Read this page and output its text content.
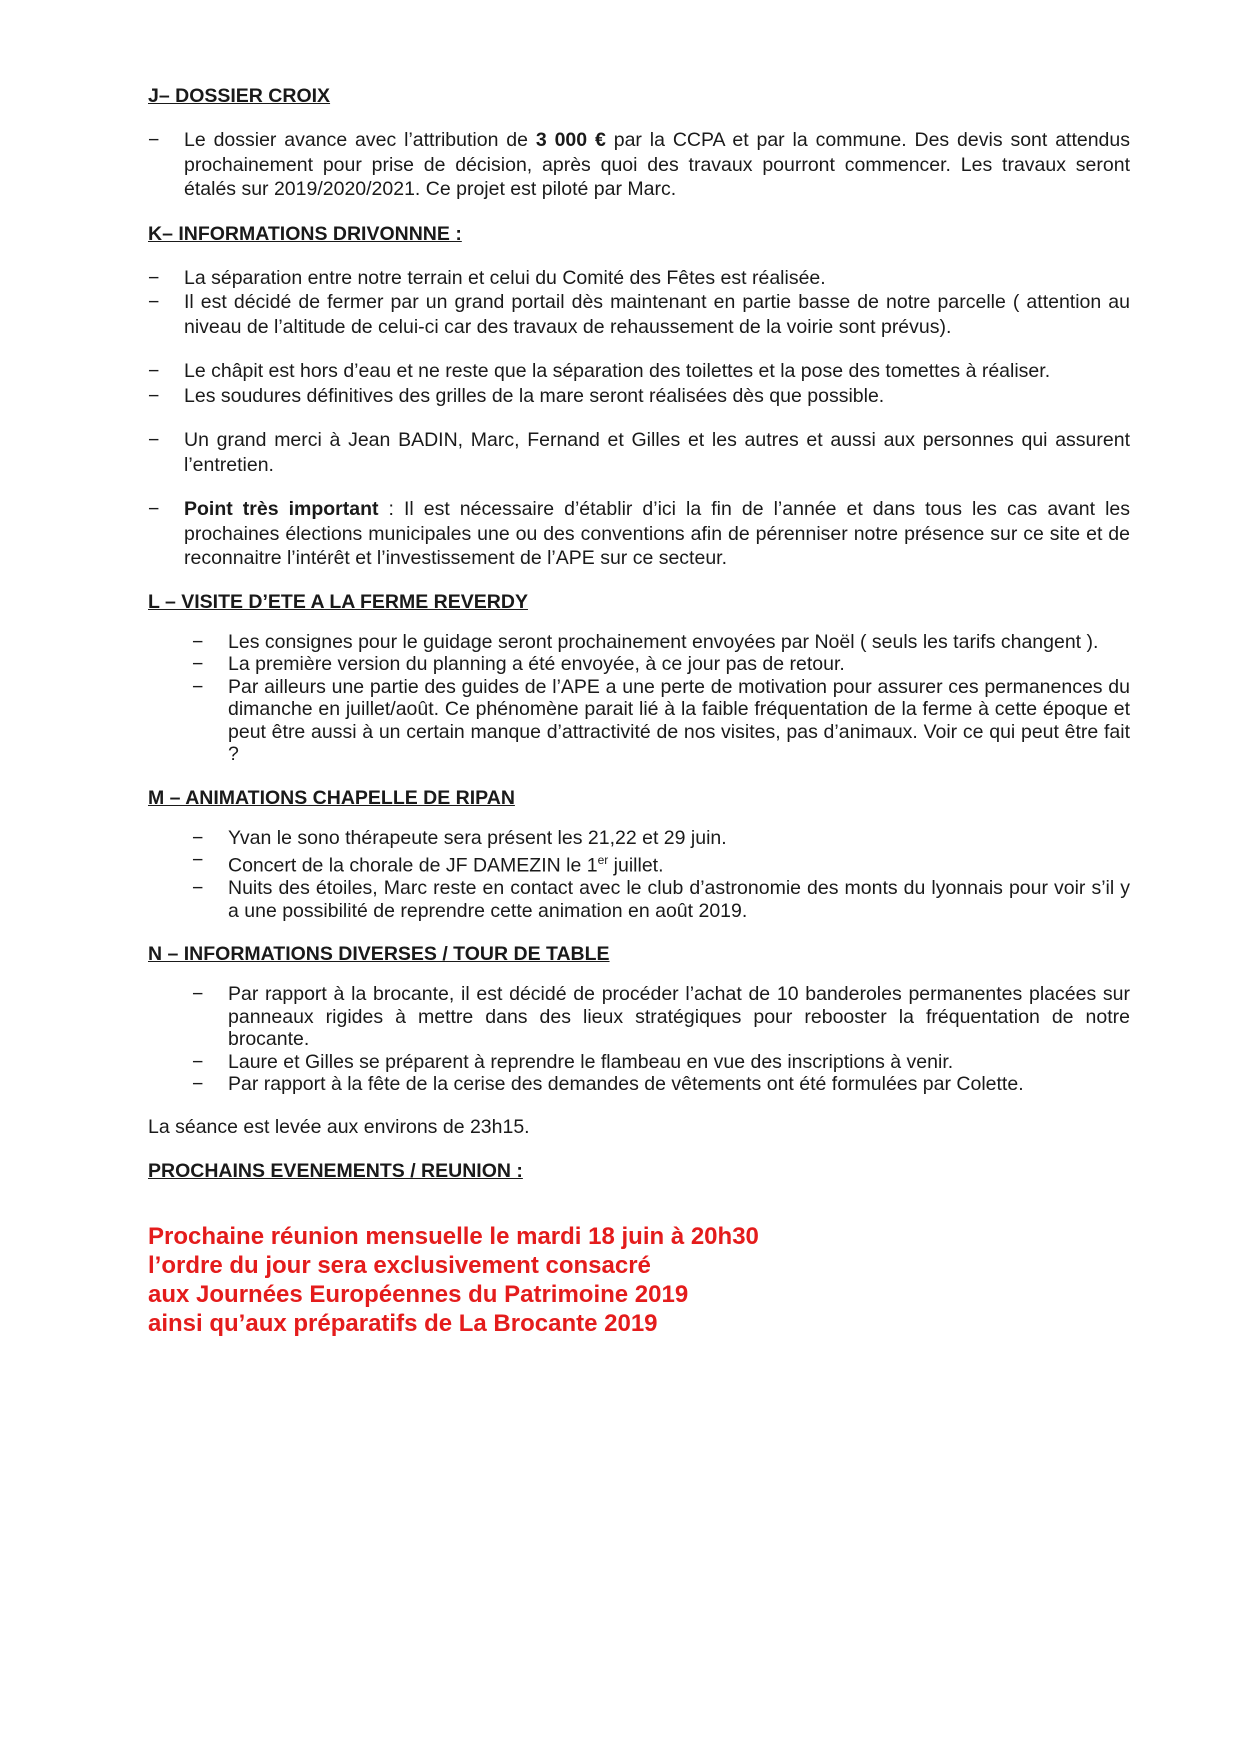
J– DOSSIER CROIX

− Le dossier avance avec l’attribution de 3 000 € par la CCPA et par la commune. Des devis sont attendus prochainement pour prise de décision, après quoi des travaux pourront commencer. Les travaux seront étalés sur 2019/2020/2021. Ce projet est piloté par Marc.

K– INFORMATIONS DRIVONNNE :

− La séparation entre notre terrain et celui du Comité des Fêtes est réalisée.
− Il est décidé de fermer par un grand portail dès maintenant en partie basse de notre parcelle ( attention au niveau de l’altitude de celui-ci car des travaux de rehaussement de la voirie sont prévus).
− Le châpit est hors d’eau et ne reste que la séparation des toilettes et la pose des tomettes à réaliser.
− Les soudures définitives des grilles de la mare seront réalisées dès que possible.
− Un grand merci à Jean BADIN, Marc, Fernand et Gilles et les autres et aussi aux personnes qui assurent l’entretien.
− Point très important : Il est nécessaire d’établir d’ici la fin de l’année et dans tous les cas avant les prochaines élections municipales une ou des conventions afin de pérenniser notre présence sur ce site et de reconnaitre l’intérêt et l’investissement de l’APE sur ce secteur.

L – VISITE D’ETE A LA FERME REVERDY

− Les consignes pour le guidage seront prochainement envoyées par Noël ( seuls les tarifs changent ).
− La première version du planning a été envoyée, à ce jour pas de retour.
− Par ailleurs une partie des guides de l’APE a une perte de motivation pour assurer ces permanences du dimanche en juillet/août. Ce phénomène parait lié à la faible fréquentation de la ferme à cette époque et peut être aussi à un certain manque d’attractivité de nos visites, pas d’animaux. Voir ce qui peut être fait ?

M – ANIMATIONS CHAPELLE DE RIPAN

− Yvan le sono thérapeute sera présent les 21,22 et 29 juin.
− Concert de la chorale de JF DAMEZIN le 1er juillet.
− Nuits des étoiles, Marc reste en contact avec le club d’astronomie des monts du lyonnais pour voir s’il y a une possibilité de reprendre cette animation en août 2019.

N – INFORMATIONS DIVERSES / TOUR DE TABLE

− Par rapport à la brocante, il est décidé de procéder l’achat de 10 banderoles permanentes placées sur panneaux rigides à mettre dans des lieux stratégiques pour rebooster la fréquentation de notre brocante.
− Laure et Gilles se préparent à reprendre le flambeau en vue des inscriptions à venir.
− Par rapport à la fête de la cerise des demandes de vêtements ont été formulées par Colette.

La séance est levée aux environs de 23h15.

PROCHAINS EVENEMENTS / REUNION :

Prochaine réunion mensuelle le mardi 18 juin à 20h30

l’ordre du jour sera exclusivement consacré

aux Journées Européennes du Patrimoine 2019

ainsi qu’aux préparatifs de La Brocante 2019
